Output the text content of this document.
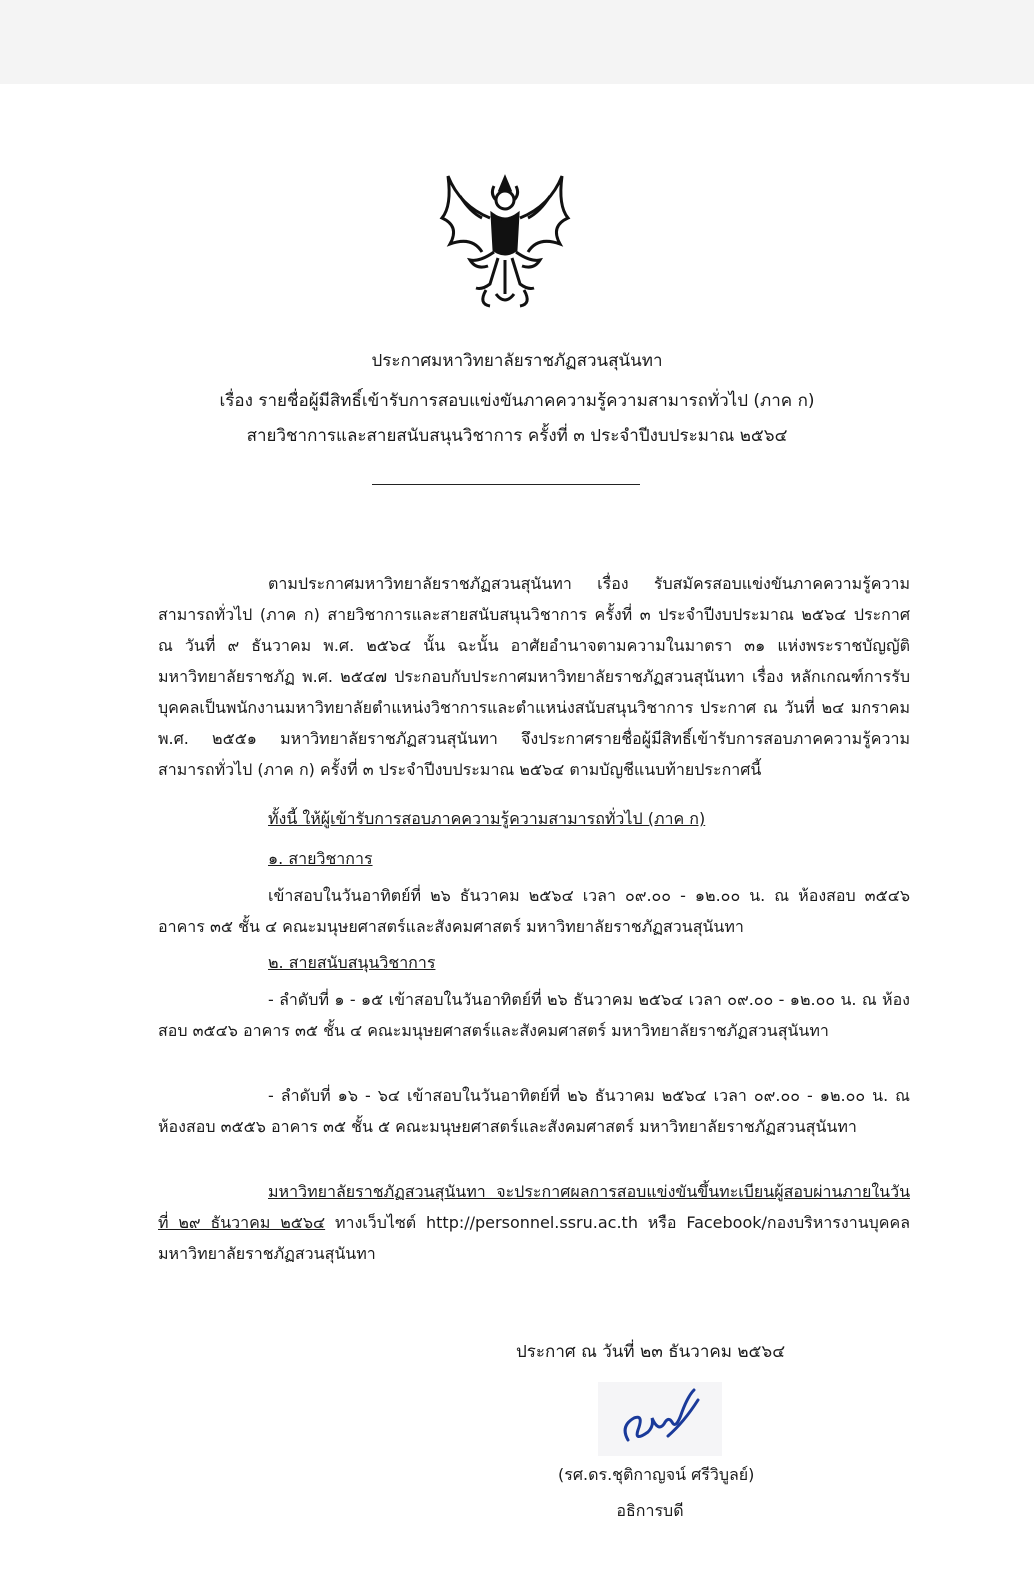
ประกาศมหาวิทยาลัยราชภัฏสวนสุนันทา
เรื่อง รายชื่อผู้มีสิทธิ์เข้ารับการสอบแข่งขันภาคความรู้ความสามารถทั่วไป (ภาค ก)
สายวิชาการและสายสนับสนุนวิชาการ ครั้งที่ ๓ ประจำปีงบประมาณ ๒๕๖๔
ตามประกาศมหาวิทยาลัยราชภัฏสวนสุนันทา เรื่อง รับสมัครสอบแข่งขันภาคความรู้ความสามารถทั่วไป (ภาค ก) สายวิชาการและสายสนับสนุนวิชาการ ครั้งที่ ๓ ประจำปีงบประมาณ ๒๕๖๔ ประกาศ ณ วันที่ ๙ ธันวาคม พ.ศ. ๒๕๖๔ นั้น ฉะนั้น อาศัยอำนาจตามความในมาตรา ๓๑ แห่งพระราชบัญญัติมหาวิทยาลัยราชภัฏ พ.ศ. ๒๕๔๗ ประกอบกับประกาศมหาวิทยาลัยราชภัฏสวนสุนันทา เรื่อง หลักเกณฑ์การรับบุคคลเป็นพนักงานมหาวิทยาลัยตำแหน่งวิชาการและตำแหน่งสนับสนุนวิชาการ ประกาศ ณ วันที่ ๒๔ มกราคม พ.ศ. ๒๕๕๑ มหาวิทยาลัยราชภัฏสวนสุนันทา จึงประกาศรายชื่อผู้มีสิทธิ์เข้ารับการสอบภาคความรู้ความสามารถทั่วไป (ภาค ก) ครั้งที่ ๓ ประจำปีงบประมาณ ๒๕๖๔ ตามบัญชีแนบท้ายประกาศนี้
ทั้งนี้ ให้ผู้เข้ารับการสอบภาคความรู้ความสามารถทั่วไป (ภาค ก)
๑. สายวิชาการ
เข้าสอบในวันอาทิตย์ที่ ๒๖ ธันวาคม ๒๕๖๔ เวลา ๐๙.๐๐ - ๑๒.๐๐ น. ณ ห้องสอบ ๓๕๔๖ อาคาร ๓๕ ชั้น ๔ คณะมนุษยศาสตร์และสังคมศาสตร์ มหาวิทยาลัยราชภัฏสวนสุนันทา
๒. สายสนับสนุนวิชาการ
- ลำดับที่ ๑ - ๑๕ เข้าสอบในวันอาทิตย์ที่ ๒๖ ธันวาคม ๒๕๖๔ เวลา ๐๙.๐๐ - ๑๒.๐๐ น. ณ ห้องสอบ ๓๕๔๖ อาคาร ๓๕ ชั้น ๔ คณะมนุษยศาสตร์และสังคมศาสตร์ มหาวิทยาลัยราชภัฏสวนสุนันทา
- ลำดับที่ ๑๖ - ๖๔ เข้าสอบในวันอาทิตย์ที่ ๒๖ ธันวาคม ๒๕๖๔ เวลา ๐๙.๐๐ - ๑๒.๐๐ น. ณ ห้องสอบ ๓๕๕๖ อาคาร ๓๕ ชั้น ๕ คณะมนุษยศาสตร์และสังคมศาสตร์ มหาวิทยาลัยราชภัฏสวนสุนันทา
มหาวิทยาลัยราชภัฏสวนสุนันทา จะประกาศผลการสอบแข่งขันขึ้นทะเบียนผู้สอบผ่านภายในวันที่ ๒๙ ธันวาคม ๒๕๖๔ ทางเว็บไซต์ http://personnel.ssru.ac.th หรือ Facebook/กองบริหารงานบุคคล มหาวิทยาลัยราชภัฏสวนสุนันทา
ประกาศ ณ วันที่ ๒๓ ธันวาคม ๒๕๖๔
(รศ.ดร.ชุติกาญจน์ ศรีวิบูลย์)
อธิการบดี
